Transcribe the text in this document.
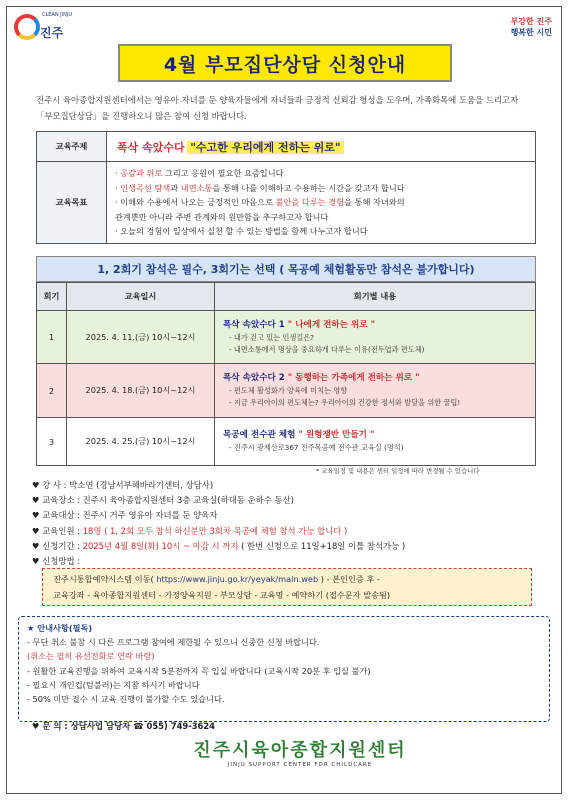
CLEAN JINJU
진주
부강한 진주
행복한 시민
4월 부모집단상담 신청안내
진주시 육아종합지원센터에서는 영유아 자녀를 둔 양육자들에게 자녀들과 긍정적 신뢰감 형성을 도우며, 가족화목에 도움을 드리고자 「부모집단상담」을 진행하오니 많은 참여 신청 바랍니다.
교육주제	폭삭 속았수다 "수고한 우리에게 전하는 위로"
교육목표	· 공감과 위로 그리고 응원이 필요한 요즘입니다
· 인생곡선 탐색과 내면소통을 통해 나를 이해하고 수용하는 시간을 갖고자 합니다
· 이해와 수용에서 나오는 긍정적인 마음으로 불안을 다루는 경험을 통해 자녀와의
관계뿐만 아니라 주변 관계와의 원만함을 추구하고자 합니다
· 오늘의 경험이 일상에서 실천 할 수 있는 방법을 함께 나누고자 합니다
1, 2회기 참석은 필수, 3회기는 선택 ( 목공예 체험활동만 참석은 불가합니다)
회기	교육일시	회기별 내용
1	2025. 4. 11.(금) 10시~12시	폭삭 속았수다 1 " 나에게 전하는 위로 "
- 내가 걷고 있는 인생길은?
- 내면소통에서 명상을 중요하게 다루는 이유(전두엽과 편도체)

2	2025. 4. 18.(금) 10시~12시	폭삭 속았수다 2 " 동행하는 가족에게 전하는 위로 "
- 편도체 활성화가 양육에 미치는 영향
- 지금 우리아이의 편도체는? 우리아이의 건강한 정서와 발달을 위한 꿀팁!

3	2025. 4. 25.(금) 10시~12시	목공예 전수관 체험 " 원형쟁반 만들기 "
- 진주시 광제산로367 진주목공예 전수관 교육실 (명석)
* 교육일정 및 내용은 센터 일정에 따라 변경될 수 있습니다
♥ 강 사 : 박소연 (경남서부해바라기센터, 상담사)
♥ 교육장소 : 진주시 육아종합지원센터 3층 교육실(하대동 운하수 동산)
♥ 교육대상 : 진주시 거주 영유아 자녀를 둔 양육자
♥ 교육인원 : 18명 ( 1, 2회 모두 참석 하신분만 3회차 목공예 체험 참석 가능 합니다 )
♥ 신청기간 : 2025년 4월 8일(화) 10시 ~ 마감 시 까지 ( 한번 신청으로 11일+18일 이틀 참석가능 )
♥ 신청방법 :
진주시통합예약시스템 이동( https://www.jinju.go.kr/yeyak/main.web ) - 본인인증 후 -
교육강좌 - 육아종합지원센터 - 가정양육지원 - 부모상담 - 교육명 - 예약하기 (접수문자 발송됨)
★ 안내사항(필독)
- 무단 취소 불참 시 다른 프로그램 참여에 제한될 수 있으니 신중한 신청 바랍니다.
(취소는 필히 유선전화로 연락 바람)
- 원활한 교육진행을 위하여 교육시작 5분전까지 꼭 입실 바랍니다 (교육시작 20분 후 입실 불가)
- 필요시 개인컵(텀블러)는 지참 하시기 바랍니다
- 50% 미만 접수 시 교육 진행이 불가할 수도 있습니다.
♥ 문 의 : 상담사업 담당자 ☎ 055) 749-3624
진주시육아종합지원센터
JINJU SUPPORT CENTER FOR CHILDCARE
